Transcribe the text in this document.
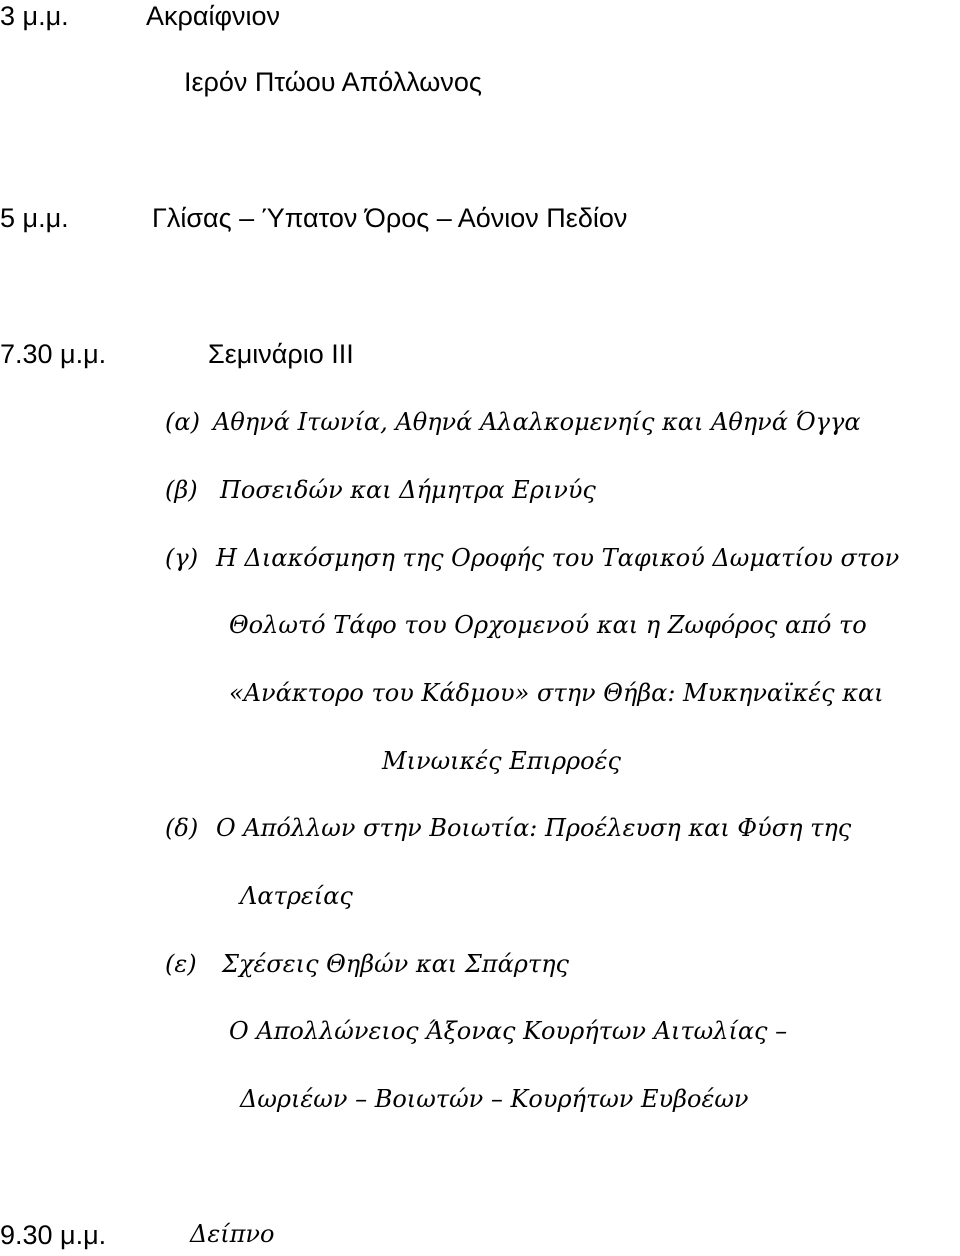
3 μ.μ.	Ακραίφνιον
Ιερόν Πτώου Απόλλωνος
5 μ.μ.	Γλίσας – Ύπατον Όρος – Αόνιον Πεδίον
7.30 μ.μ.	Σεμινάριο ΙΙΙ
(α) Αθηνά Ιτωνία, Αθηνά Αλαλκομενηίς και Αθηνά Όγγα
(β) Ποσειδών και Δήμητρα Ερινύς
(γ) Η Διακόσμηση της Οροφής του Ταφικού Δωματίου στον
Θολωτό Τάφο του Ορχομενού και η Ζωφόρος από το
«Ανάκτορο του Κάδμου» στην Θήβα: Μυκηναϊκές και
Μινωικές Επιρροές
(δ) Ο Απόλλων στην Βοιωτία: Προέλευση και Φύση της
Λατρείας
(ε) Σχέσεις Θηβών και Σπάρτης
Ο Απολλώνειος Άξονας Κουρήτων Αιτωλίας –
Δωριέων – Βοιωτών – Κουρήτων Ευβοέων
9.30 μ.μ.	Δείπνο
